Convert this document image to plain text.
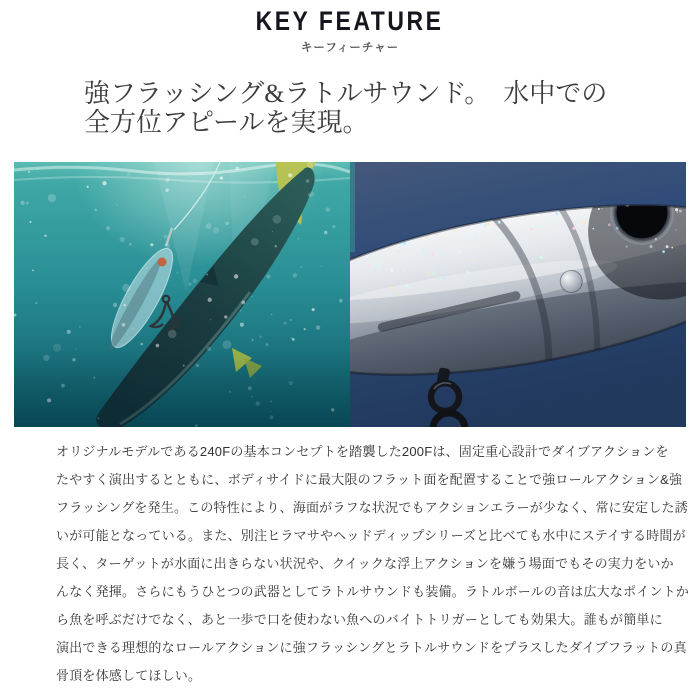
KEY FEATURE
キーフィーチャー
強フラッシング&ラトルサウンド。　水中での
全方位アピールを実現。
オリジナルモデルである240Fの基本コンセプトを踏襲した200Fは、固定重心設計でダイブアクションを
たやすく演出するとともに、ボディサイドに最大限のフラット面を配置することで強ロールアクション&強
フラッシングを発生。この特性により、海面がラフな状況でもアクションエラーが少なく、常に安定した誘
いが可能となっている。また、別注ヒラマサやヘッドディップシリーズと比べても水中にステイする時間が
長く、ターゲットが水面に出きらない状況や、クイックな浮上アクションを嫌う場面でもその実力をいか
んなく発揮。さらにもうひとつの武器としてラトルサウンドも装備。ラトルボールの音は広大なポイントか
ら魚を呼ぶだけでなく、あと一歩で口を使わない魚へのバイトトリガーとしても効果大。誰もが簡単に
演出できる理想的なロールアクションに強フラッシングとラトルサウンドをプラスしたダイブフラットの真
骨頂を体感してほしい。
